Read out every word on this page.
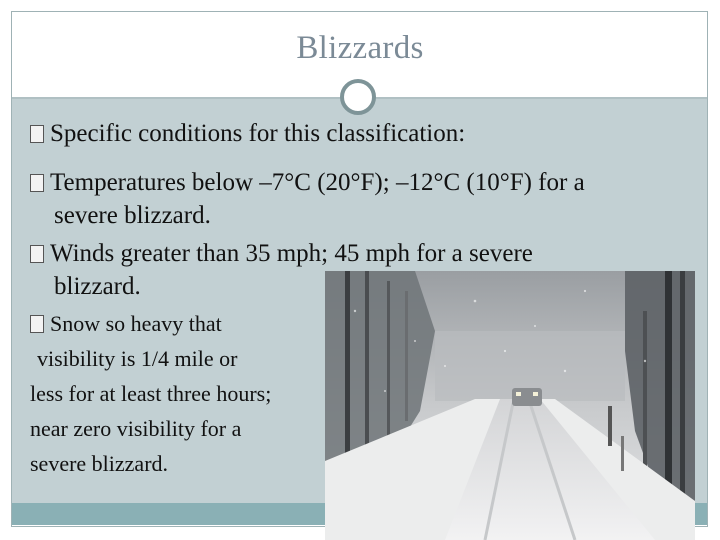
Blizzards
Specific conditions for this classification:
Temperatures below –7°C (20°F); –12°C (10°F) for a
severe blizzard.
Winds greater than 35 mph; 45 mph for a severe
blizzard.
Snow so heavy that
visibility is 1/4 mile or
less for at least three hours;
near zero visibility for a
severe blizzard.
